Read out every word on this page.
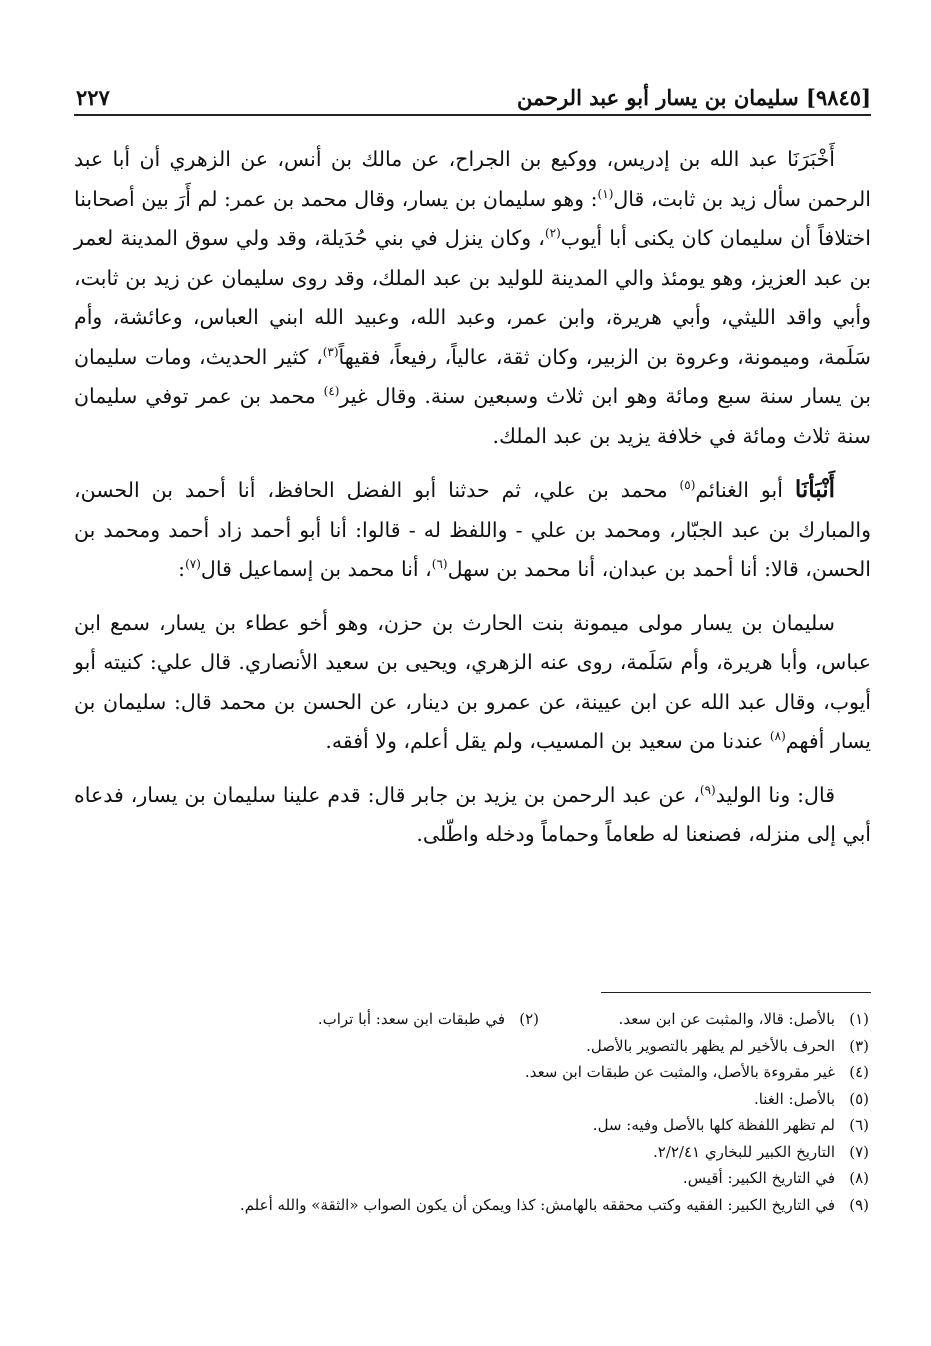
[٩٨٤٥] سليمان بن يسار أبو عبد الرحمن
٢٢٧

أَخْبَرَنَا عبد الله بن إدريس، ووكيع بن الجراح، عن مالك بن أنس، عن الزهري أن أبا عبد الرحمن سأل زيد بن ثابت، قال$^{(١)}$: وهو سليمان بن يسار، وقال محمد بن عمر: لم أَرَ بين أصحابنا اختلافاً أن سليمان كان يكنى أبا أيوب$^{(٢)}$، وكان ينزل في بني حُدَيلة، وقد ولي سوق المدينة لعمر بن عبد العزيز، وهو يومئذ والي المدينة للوليد بن عبد الملك، وقد روى سليمان عن زيد بن ثابت، وأبي واقد الليثي، وأبي هريرة، وابن عمر، وعبد الله، وعبيد الله ابني العباس، وعائشة، وأم سَلَمة، وميمونة، وعروة بن الزبير، وكان ثقة، عالياً، رفيعاً، فقيهاً$^{(٣)}$، كثير الحديث، ومات سليمان بن يسار سنة سبع ومائة وهو ابن ثلاث وسبعين سنة. وقال غير$^{(٤)}$ محمد بن عمر توفي سليمان سنة ثلاث ومائة في خلافة يزيد بن عبد الملك.

أَنْبَأنَا أبو الغنائم$^{(٥)}$ محمد بن علي، ثم حدثنا أبو الفضل الحافظ، أنا أحمد بن الحسن، والمبارك بن عبد الجبّار، ومحمد بن علي - واللفظ له - قالوا: أنا أبو أحمد زاد أحمد ومحمد بن الحسن، قالا: أنا أحمد بن عبدان، أنا محمد بن سهل$^{(٦)}$، أنا محمد بن إسماعيل قال$^{(٧)}$:

سليمان بن يسار مولى ميمونة بنت الحارث بن حزن، وهو أخو عطاء بن يسار، سمع ابن عباس، وأبا هريرة، وأم سَلَمة، روى عنه الزهري، ويحيى بن سعيد الأنصاري. قال علي: كنيته أبو أيوب، وقال عبد الله عن ابن عيينة، عن عمرو بن دينار، عن الحسن بن محمد قال: سليمان بن يسار أفهم$^{(٨)}$ عندنا من سعيد بن المسيب، ولم يقل أعلم، ولا أفقه.

قال: ونا الوليد$^{(٩)}$، عن عبد الرحمن بن يزيد بن جابر قال: قدم علينا سليمان بن يسار، فدعاه أبي إلى منزله، فصنعنا له طعاماً وحماماً ودخله واطّلى.

(١)
بالأصل: قالا، والمثبت عن ابن سعد.
(٢)
في طبقات ابن سعد: أبا تراب.
(٣)
الحرف بالأخير لم يظهر بالتصوير بالأصل.
(٤)
غير مقروءة بالأصل، والمثبت عن طبقات ابن سعد.
(٥)
بالأصل: الغنا.
(٦)
لم تظهر اللفظة كلها بالأصل وفيه: سل.
(٧)
التاريخ الكبير للبخاري ٢/٢/٤١.
(٨)
في التاريخ الكبير: أقيس.
(٩)
في التاريخ الكبير: الفقيه وكتب محققه بالهامش: كذا ويمكن أن يكون الصواب «الثقة» والله أعلم.
